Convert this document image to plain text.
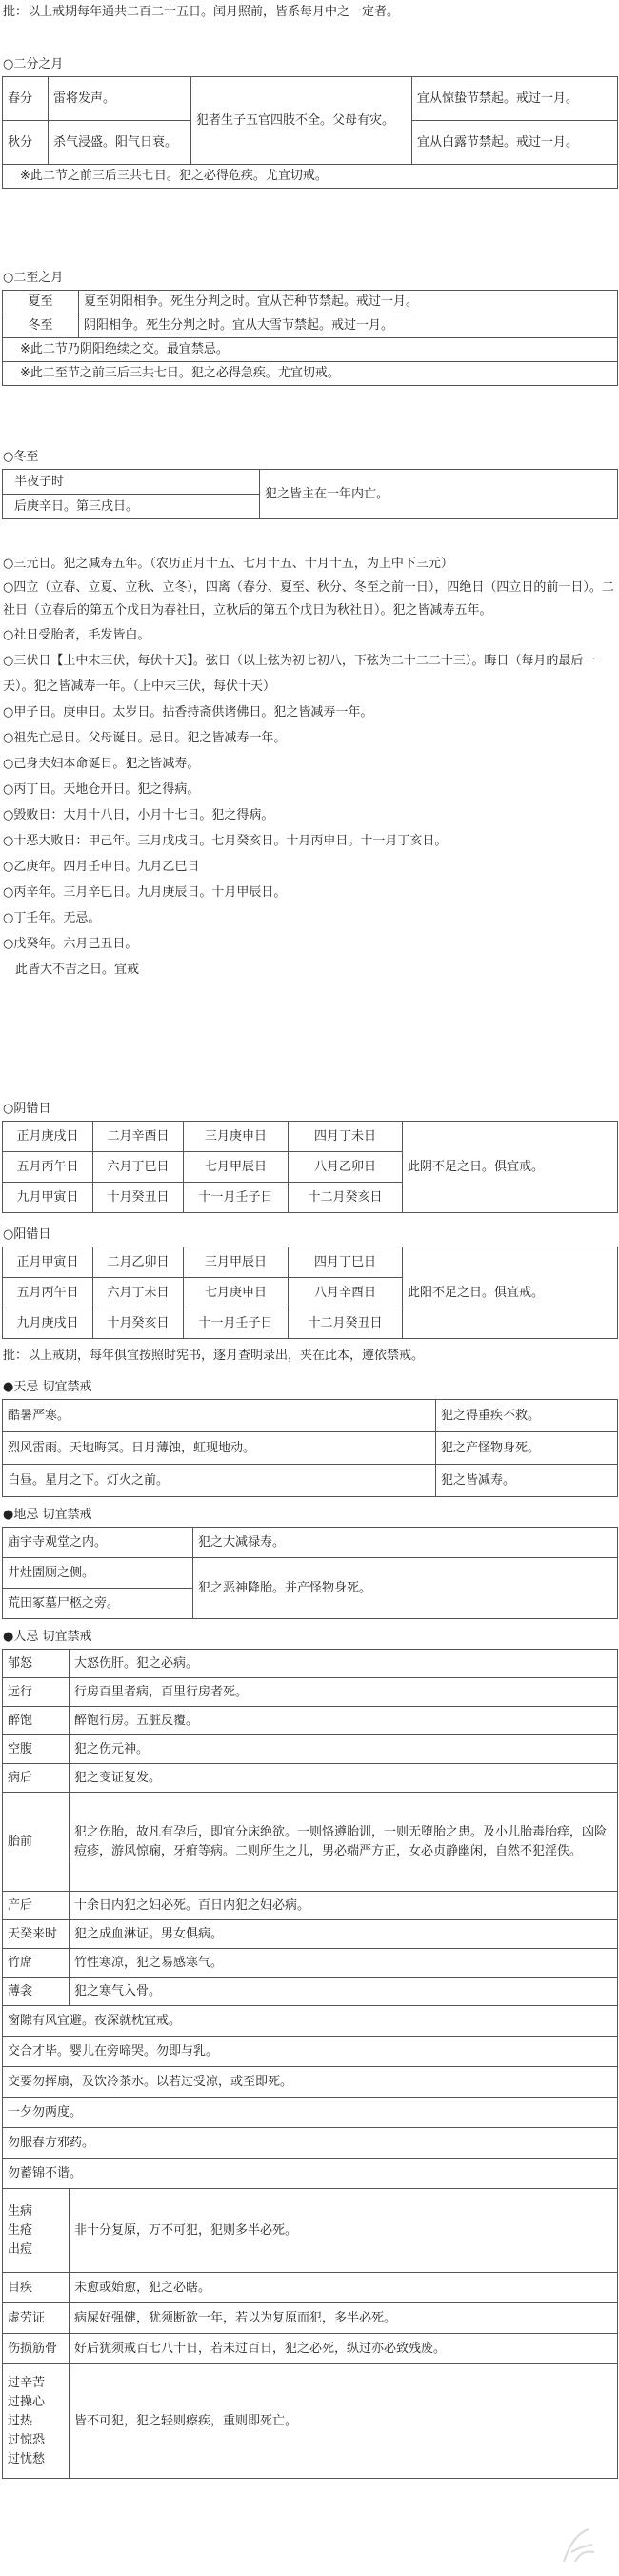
批：以上戒期每年通共二百二十五日。闰月照前，皆系每月中之一定者。

○二分之月
春分	雷将发声。	犯者生子五官四肢不全。父母有灾。	宜从惊蛰节禁起。戒过一月。
秋分	杀气浸盛。阳气日衰。		宜从白露节禁起。戒过一月。
※此二节之前三后三共七日。犯之必得危疾。尤宜切戒。			
○二至之月
夏至	夏至阴阳相争。死生分判之时。宜从芒种节禁起。戒过一月。
冬至	阴阳相争。死生分判之时。宜从大雪节禁起。戒过一月。
※此二节乃阴阳绝续之交。最宜禁忌。	
※此二至节之前三后三共七日。犯之必得急疾。尤宜切戒。	
○冬至
半夜子时	犯之皆主在一年内亡。
后庚辛日。第三戌日。
○三元日。犯之减寿五年。（农历正月十五、七月十五、十月十五，为上中下三元）
○四立（立春、立夏、立秋、立冬），四离（春分、夏至、秋分、冬至之前一日），四绝日（四立日的前一日）。二社日（立春后的第五个戊日为春社日，立秋后的第五个戊日为秋社日）。犯之皆减寿五年。
○社日受胎者，毛发皆白。
○三伏日【上中末三伏，每伏十天】。弦日（以上弦为初七初八，下弦为二十二二十三）。晦日（每月的最后一天）。犯之皆减寿一年。（上中末三伏，每伏十天）
○甲子日。庚申日。太岁日。拈香持斋供诸佛日。犯之皆减寿一年。
○祖先亡忌日。父母诞日。忌日。犯之皆减寿一年。
○己身夫妇本命诞日。犯之皆减寿。
○丙丁日。天地仓开日。犯之得病。
○毁败日：大月十八日，小月十七日。犯之得病。
○十恶大败日：甲己年。三月戊戌日。七月癸亥日。十月丙申日。十一月丁亥日。
○乙庚年。四月壬申日。九月乙巳日
○丙辛年。三月辛巳日。九月庚辰日。十月甲辰日。
○丁壬年。无忌。
○戊癸年。六月己丑日。
　此皆大不吉之日。宜戒
○阴错日
正月庚戌日	二月辛酉日	三月庚申日	四月丁未日	此阴不足之日。俱宜戒。
五月丙午日	六月丁巳日	七月甲辰日	八月乙卯日	
九月甲寅日	十月癸丑日	十一月壬子日	十二月癸亥日	
○阳错日
正月甲寅日	二月乙卯日	三月甲辰日	四月丁巳日	此阳不足之日。俱宜戒。
五月丙午日	六月丁未日	七月庚申日	八月辛酉日	
九月庚戌日	十月癸亥日	十一月壬子日	十二月癸丑日	

批：以上戒期，每年俱宜按照时宪书，逐月查明录出，夹在此本，遵依禁戒。

●天忌 切宜禁戒
酷暑严寒。	犯之得重疾不救。
烈风雷雨。天地晦冥。日月薄蚀，虹现地动。	犯之产怪物身死。
白昼。星月之下。灯火之前。	犯之皆减寿。
●地忌 切宜禁戒
庙宇寺观堂之内。	犯之大减禄寿。
井灶圊厕之侧。	犯之恶神降胎。并产怪物身死。
荒田冢墓尸柩之旁。	
●人忌 切宜禁戒
郁怒	大怒伤肝。犯之必病。
远行	行房百里者病，百里行房者死。
醉饱	醉饱行房。五脏反覆。
空腹	犯之伤元神。
病后	犯之变证复发。
胎前	犯之伤胎，故凡有孕后，即宜分床绝欲。一则恪遵胎训，一则无堕胎之患。及小儿胎毒胎痒，凶险痘疹，游风惊痫，牙疳等病。二则所生之儿，男必端严方正，女必贞静幽闲，自然不犯淫佚。
产后	十余日内犯之妇必死。百日内犯之妇必病。
天癸来时	犯之成血淋证。男女俱病。
竹席	竹性寒凉，犯之易感寒气。
薄衾	犯之寒气入骨。
窗隙有风宜避。夜深就枕宜戒。	
交合才毕。婴儿在旁啼哭。勿即与乳。	
交要勿挥扇，及饮冷茶水。以若过受凉，或至即死。	
一夕勿两度。	
勿服春方邪药。	
勿蓄锦不谐。	

生病
生疮
出痘	非十分复原，万不可犯，犯则多半必死。
目疾	未愈或始愈，犯之必瞎。
虚劳证	病屎好强健，犹须断欲一年，若以为复原而犯，多半必死。
伤损筋骨	好后犹须戒百七八十日，若未过百日，犯之必死，纵过亦必致残废。

过辛苦
过操心
过热
过惊恐
过忧愁	皆不可犯，犯之轻则瘵疾，重则即死亡。
